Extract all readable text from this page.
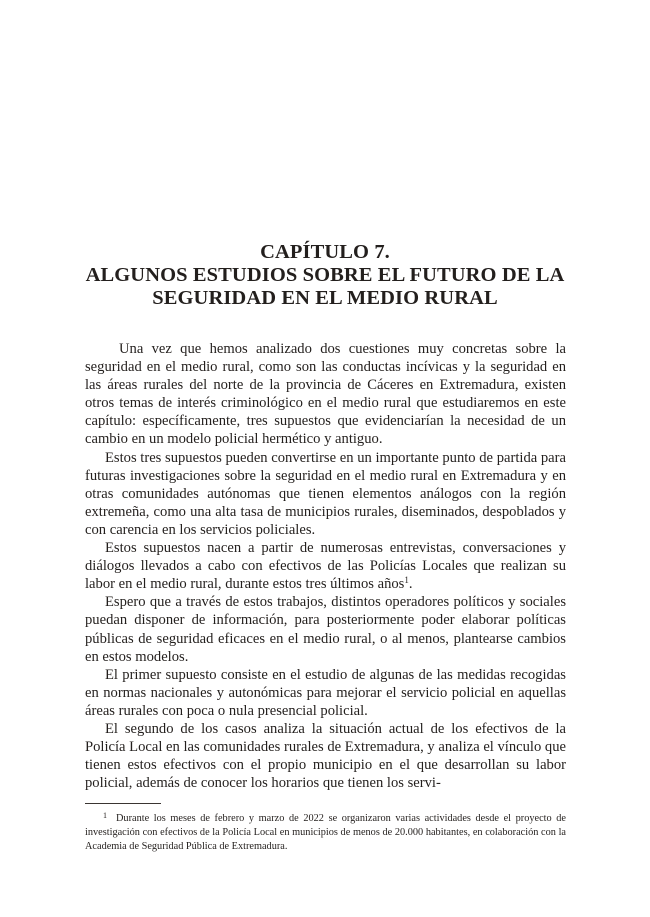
CAPÍTULO 7.
ALGUNOS ESTUDIOS SOBRE EL FUTURO DE LA
SEGURIDAD EN EL MEDIO RURAL

Una vez que hemos analizado dos cuestiones muy concretas sobre la seguridad en el medio rural, como son las conductas incívicas y la seguridad en las áreas rurales del norte de la provincia de Cáceres en Extremadura, existen otros temas de interés criminológico en el medio rural que estudiaremos en este capítulo: específicamente, tres supuestos que evidenciarían la necesidad de un cambio en un modelo policial hermético y antiguo.

Estos tres supuestos pueden convertirse en un importante punto de partida para futuras investigaciones sobre la seguridad en el medio rural en Extremadura y en otras comunidades autónomas que tienen elementos análogos con la región extremeña, como una alta tasa de municipios rurales, diseminados, despoblados y con carencia en los servicios policiales.

Estos supuestos nacen a partir de numerosas entrevistas, conversaciones y diálogos llevados a cabo con efectivos de las Policías Locales que realizan su labor en el medio rural, durante estos tres últimos años$^1$.

Espero que a través de estos trabajos, distintos operadores políticos y sociales puedan disponer de información, para posteriormente poder elaborar políticas públicas de seguridad eficaces en el medio rural, o al menos, plantearse cambios en estos modelos.

El primer supuesto consiste en el estudio de algunas de las medidas recogidas en normas nacionales y autonómicas para mejorar el servicio policial en aquellas áreas rurales con poca o nula presencial policial.

El segundo de los casos analiza la situación actual de los efectivos de la Policía Local en las comunidades rurales de Extremadura, y analiza el vínculo que tienen estos efectivos con el propio municipio en el que desarrollan su labor policial, además de conocer los horarios que tienen los servi-

$^1$ Durante los meses de febrero y marzo de 2022 se organizaron varias actividades desde el proyecto de investigación con efectivos de la Policía Local en municipios de menos de 20.000 habitantes, en colaboración con la Academia de Seguridad Pública de Extremadura.
